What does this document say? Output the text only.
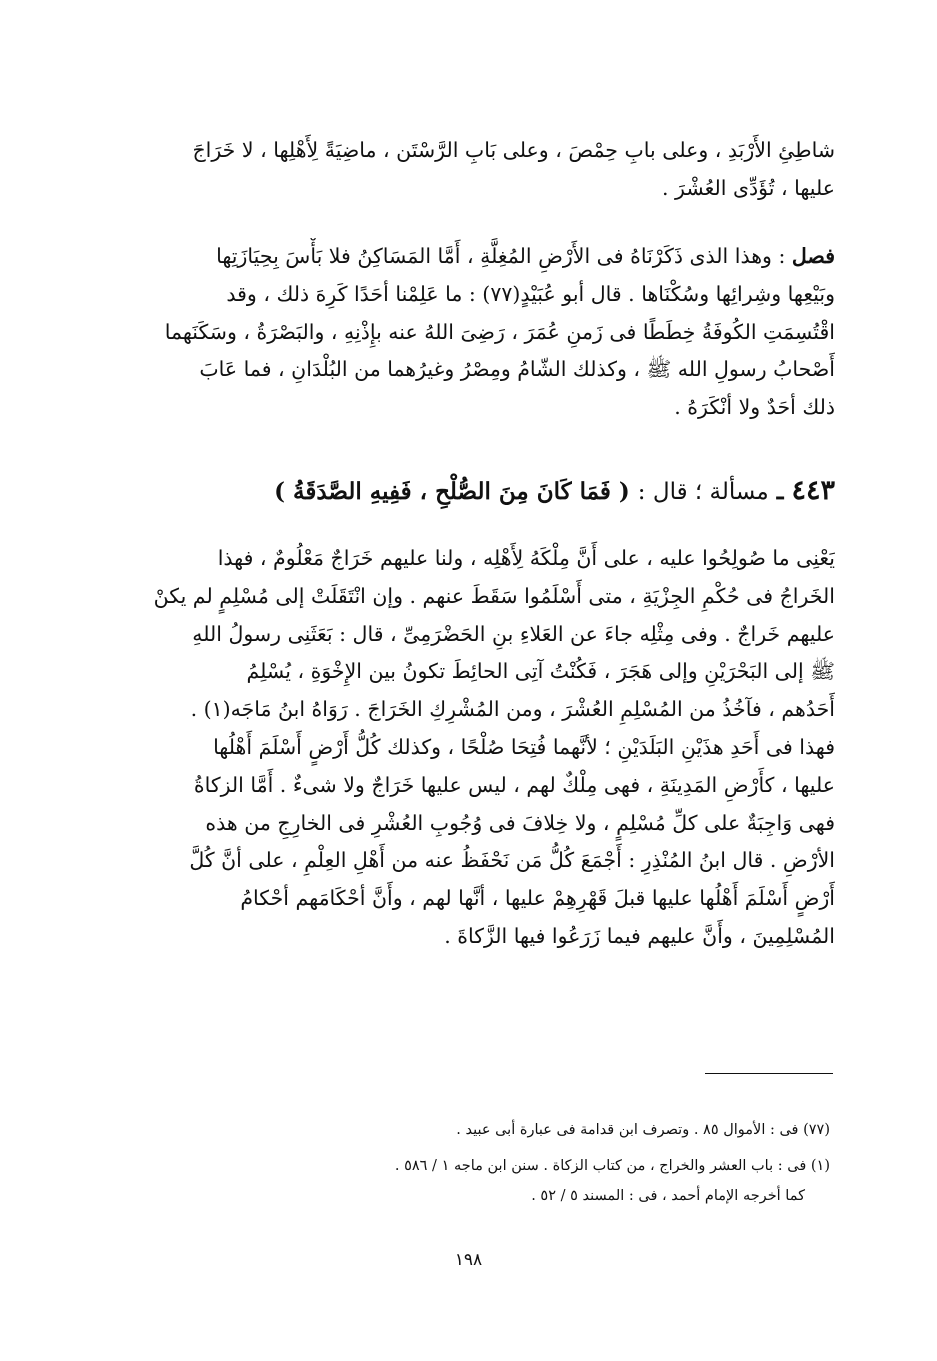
شاطِئِ الأَرْبَدِ ، وعلى بابِ حِمْصَ ، وعلى بَابِ الرَّسْتَن ، ماضِيَةً لِأَهْلِها ، لا خَرَاجَ
عليها ، تُؤَدِّى العُشْرَ .
فصل : وهذا الذى ذَكَرْنَاهُ فى الأَرْضِ المُغِلَّةِ ، أَمَّا المَسَاكِنُ فلا بَأْسَ بِحِيَازَتِها
وبَيْعِها وشِرائِها وسُكْنَاها . قال أبو عُبَيْدٍ(٧٧) : ما عَلِمْنا أحَدًا كَرِهَ ذلك ، وقد
اقْتُسِمَتِ الكُوفَةُ خِطَطًا فى زَمنِ عُمَرَ ، رَضِىَ اللهُ عنه بإِذْنِهِ ، والبَصْرَةُ ، وسَكَنَهما
أَصْحابُ رسولِ الله ﷺ ، وكذلك الشّامُ ومِصْرُ وغيرُهما من البُلْدَانِ ، فما عَابَ
ذلك أحَدٌ ولا أنْكَرَهُ .
٤٤٣ ـ مسألة ؛ قال : ( فَمَا كَانَ مِنَ الصُّلْحِ ، فَفِيهِ الصَّدَقَةُ )
يَعْنِى ما صُولِحُوا عليه ، على أَنَّ مِلْكَهُ لِأَهْلِه ، ولنا عليهم خَرَاجٌ مَعْلُومٌ ، فهذا
الخَراجُ فى حُكْمِ الجِزْيَةِ ، متى أَسْلَمُوا سَقَطَ عنهم . وإن انْتَقَلَتْ إلى مُسْلِمٍ لم يكنْ
عليهم خَراجٌ . وفى مِثْلِه جاءَ عن العَلاءِ بنِ الحَضْرَمِىِّ ، قال : بَعَثَنِى رسولُ اللهِ
ﷺ إلى البَحْرَيْنِ وإلى هَجَرَ ، فَكُنْتُ آتِى الحائِطَ تكونُ بين الإِخْوَةِ ، يُسْلِمُ
أَحَدُهم ، فآخُذُ من المُسْلِمِ العُشْرَ ، ومن المُشْرِكِ الخَرَاجَ . رَوَاهُ ابنُ مَاجَه(١) .
فهذا فى أَحَدِ هذَيْنِ البَلَدَيْنِ ؛ لأنَّهما فُتِحَا صُلْحًا ، وكذلك كُلُّ أَرْضٍ أَسْلَمَ أَهْلُها
عليها ، كأَرْضِ المَدِينَةِ ، فهى مِلْكٌ لهم ، ليس عليها خَرَاجٌ ولا شىءٌ . أَمَّا الزكاةُ
فهى وَاجِبَةٌ على كلِّ مُسْلِمٍ ، ولا خِلافَ فى وُجُوبِ العُشْرِ فى الخارِجِ من هذه
الأرْضِ . قال ابنُ المُنْذِرِ : أَجْمَعَ كُلُّ مَن نَحْفَظُ عنه من أَهْلِ العِلْمِ ، على أنَّ كُلَّ
أَرْضٍ أَسْلَمَ أَهْلُها عليها قبلَ قَهْرِهِمْ عليها ، أنَّها لهم ، وأَنَّ أحْكَامَهم أحْكامُ
المُسْلِمِينَ ، وأَنَّ عليهم فيما زَرَعُوا فيها الزَّكاةَ .
(٧٧) فى : الأموال ٨٥ . وتصرف ابن قدامة فى عبارة أبى عبيد .
(١) فى : باب العشر والخراج ، من كتاب الزكاة . سنن ابن ماجه ١ / ٥٨٦ .
كما أخرجه الإمام أحمد ، فى : المسند ٥ / ٥٢ .
١٩٨
